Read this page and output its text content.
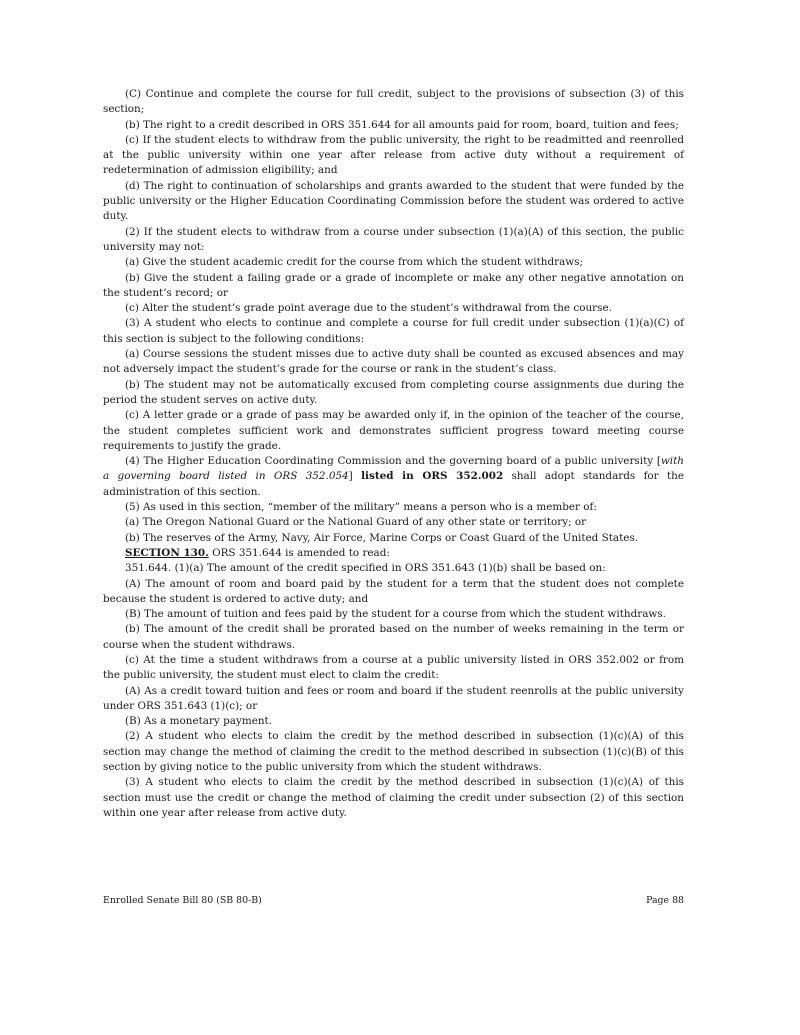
(C) Continue and complete the course for full credit, subject to the provisions of subsection (3) of this section;

(b) The right to a credit described in ORS 351.644 for all amounts paid for room, board, tuition and fees;

(c) If the student elects to withdraw from the public university, the right to be readmitted and reenrolled at the public university within one year after release from active duty without a requirement of redetermination of admission eligibility; and

(d) The right to continuation of scholarships and grants awarded to the student that were funded by the public university or the Higher Education Coordinating Commission before the student was ordered to active duty.

(2) If the student elects to withdraw from a course under subsection (1)(a)(A) of this section, the public university may not:

(a) Give the student academic credit for the course from which the student withdraws;

(b) Give the student a failing grade or a grade of incomplete or make any other negative annotation on the student’s record; or

(c) Alter the student’s grade point average due to the student’s withdrawal from the course.

(3) A student who elects to continue and complete a course for full credit under subsection (1)(a)(C) of this section is subject to the following conditions:

(a) Course sessions the student misses due to active duty shall be counted as excused absences and may not adversely impact the student’s grade for the course or rank in the student’s class.

(b) The student may not be automatically excused from completing course assignments due during the period the student serves on active duty.

(c) A letter grade or a grade of pass may be awarded only if, in the opinion of the teacher of the course, the student completes sufficient work and demonstrates sufficient progress toward meeting course requirements to justify the grade.

(4) The Higher Education Coordinating Commission and the governing board of a public university [with a governing board listed in ORS 352.054] listed in ORS 352.002 shall adopt standards for the administration of this section.

(5) As used in this section, “member of the military” means a person who is a member of:

(a) The Oregon National Guard or the National Guard of any other state or territory; or

(b) The reserves of the Army, Navy, Air Force, Marine Corps or Coast Guard of the United States.

SECTION 130. ORS 351.644 is amended to read:

351.644. (1)(a) The amount of the credit specified in ORS 351.643 (1)(b) shall be based on:

(A) The amount of room and board paid by the student for a term that the student does not complete because the student is ordered to active duty; and

(B) The amount of tuition and fees paid by the student for a course from which the student withdraws.

(b) The amount of the credit shall be prorated based on the number of weeks remaining in the term or course when the student withdraws.

(c) At the time a student withdraws from a course at a public university listed in ORS 352.002 or from the public university, the student must elect to claim the credit:

(A) As a credit toward tuition and fees or room and board if the student reenrolls at the public university under ORS 351.643 (1)(c); or

(B) As a monetary payment.

(2) A student who elects to claim the credit by the method described in subsection (1)(c)(A) of this section may change the method of claiming the credit to the method described in subsection (1)(c)(B) of this section by giving notice to the public university from which the student withdraws.

(3) A student who elects to claim the credit by the method described in subsection (1)(c)(A) of this section must use the credit or change the method of claiming the credit under subsection (2) of this section within one year after release from active duty.

Enrolled Senate Bill 80 (SB 80-B)	Page 88
